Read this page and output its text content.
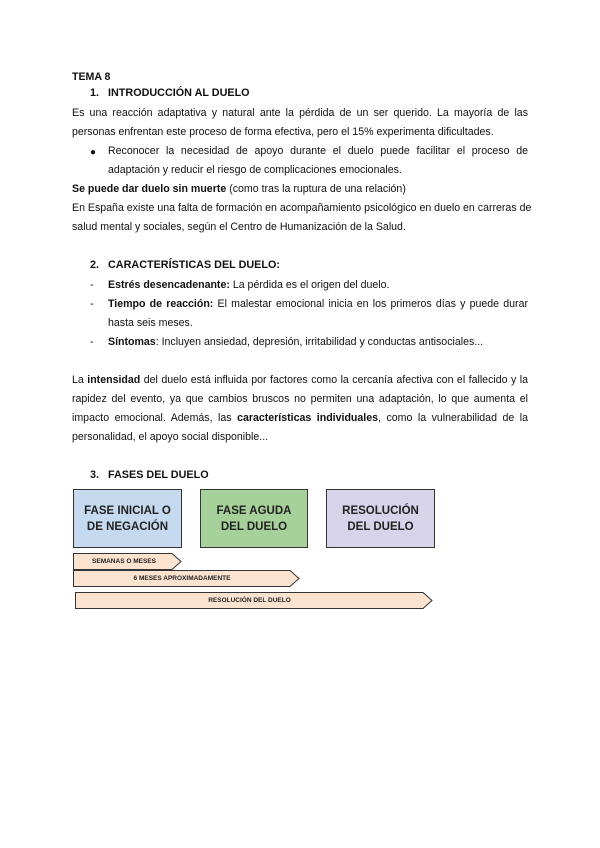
TEMA 8
1. INTRODUCCIÓN AL DUELO
Es una reacción adaptativa y natural ante la pérdida de un ser querido. La mayoría de las personas enfrentan este proceso de forma efectiva, pero el 15% experimenta dificultades.
● Reconocer la necesidad de apoyo durante el duelo puede facilitar el proceso de adaptación y reducir el riesgo de complicaciones emocionales.
Se puede dar duelo sin muerte (como tras la ruptura de una relación)
En España existe una falta de formación en acompañamiento psicológico en duelo en carreras de salud mental y sociales, según el Centro de Humanización de la Salud.
2. CARACTERÍSTICAS DEL DUELO:
- Estrés desencadenante: La pérdida es el origen del duelo.
- Tiempo de reacción: El malestar emocional inicia en los primeros días y puede durar hasta seis meses.
- Síntomas: Incluyen ansiedad, depresión, irritabilidad y conductas antisociales...
La intensidad del duelo está influida por factores como la cercanía afectiva con el fallecido y la rapidez del evento, ya que cambios bruscos no permiten una adaptación, lo que aumenta el impacto emocional. Además, las características individuales, como la vulnerabilidad de la personalidad, el apoyo social disponible...
3. FASES DEL DUELO
FASE INICIAL O
DE NEGACIÓN
FASE AGUDA
DEL DUELO
RESOLUCIÓN
DEL DUELO
SEMANAS O MESES
6 MESES APROXIMADAMENTE
RESOLUCIÓN DEL DUELO
